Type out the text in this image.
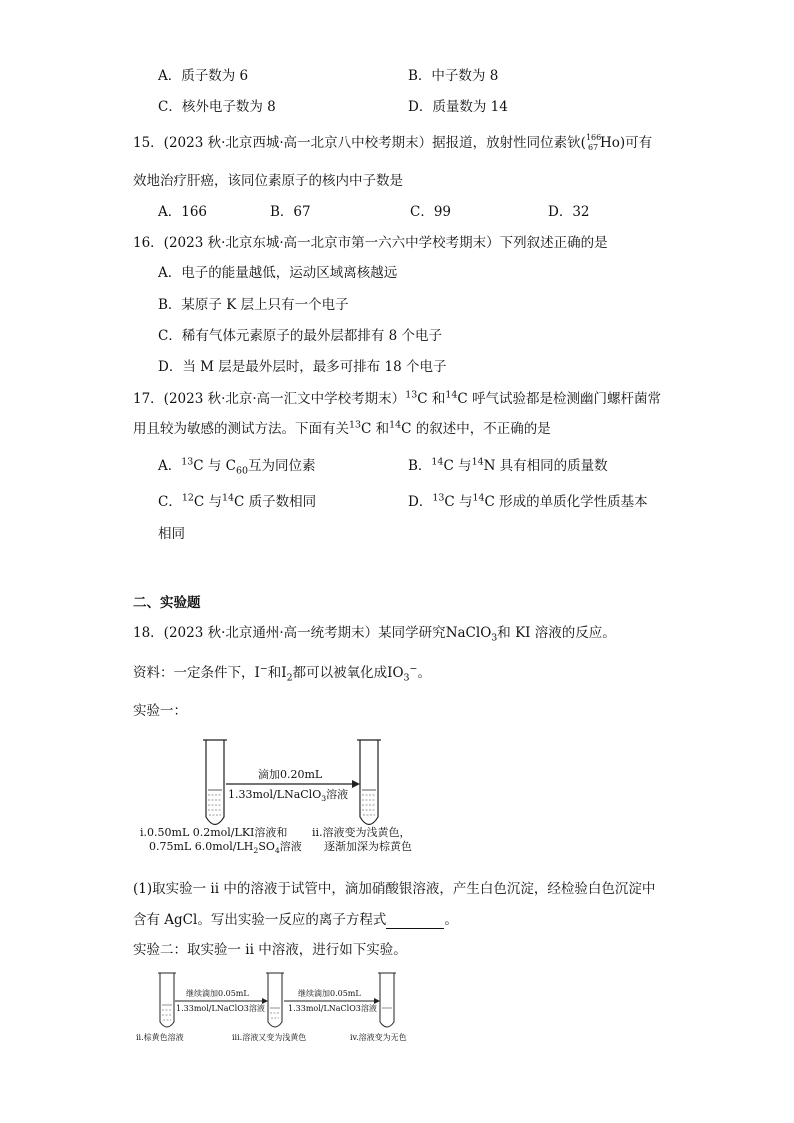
A．质子数为 6	B．中子数为 8
C．核外电子数为 8	D．质量数为 14
15．(2023 秋·北京西城·高一北京八中校考期末）据报道，放射性同位素钬( 166
67 Ho)可有
效地治疗肝癌，该同位素原子的核内中子数是
A．166	B．67	C．99	D．32
16．(2023 秋·北京东城·高一北京市第一六六中学校考期末）下列叙述正确的是
A．电子的能量越低，运动区域离核越远
B．某原子 K 层上只有一个电子
C．稀有气体元素原子的最外层都排有 8 个电子
D．当 M 层是最外层时，最多可排布 18 个电子
17．(2023 秋·北京·高一汇文中学校考期末）$^{13}$C 和$^{14}$C 呼气试验都是检测幽门螺杆菌常
用且较为敏感的测试方法。下面有关$^{13}$C 和$^{14}$C 的叙述中，不正确的是
A．$^{13}$C 与 $C_{60}$互为同位素	B．$^{14}$C 与$^{14}$N 具有相同的质量数
C．$^{12}$C 与$^{14}$C 质子数相同	D．$^{13}$C 与$^{14}$C 形成的单质化学性质基本
相同
二、实验题
18．(2023 秋·北京通州·高一统考期末）某同学研究NaClO$_3$和 KI 溶液的反应。
资料：一定条件下，I−和$I_2$都可以被氧化成$IO_3^-$。
实验一：
滴加0.20mL
1.33mol/LNaClO$_3$溶液
i.0.50mL 0.2mol/LKI溶液和
0.75mL $6.0mol/LH_2SO_4$溶液
ii.溶液变为浅黄色，
逐渐加深为棕黄色
(1)取实验一 ii 中的溶液于试管中，滴加硝酸银溶液，产生白色沉淀，经检验白色沉淀中
含有 AgCl。写出实验一反应的离子方程式	。
实验二：取实验一 ii 中溶液，进行如下实验。
继续滴加0.05mL
1.33mol/LNaClO3溶液
继续滴加0.05mL
1.33mol/LNaClO3溶液
ii.棕黄色溶液	iii.溶液又变为浅黄色	iv.溶液变为无色
